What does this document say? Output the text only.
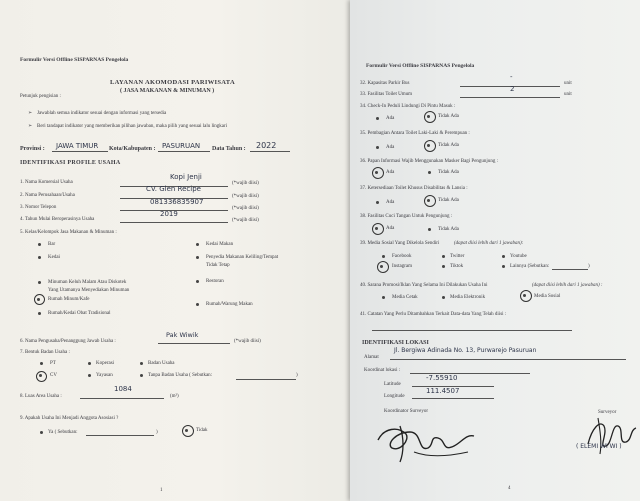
Formulir Versi Offline SISPARNAS Pengelola
LAYANAN AKOMODASI PARIWISATA
( JASA MAKANAN & MINUMAN )
Petunjuk pengisian :
➢ Jawablah semua indikator sesuai dengan informasi yang tersedia
➢ Beri tandapat indikator yang memberikan pilihan jawaban, maka pilih yang sesuai lalu lingkari
Provinsi : JAWA TIMUR Kota/Kabupaten : PASURUAN Data Tahun : 2022
IDENTIFIKASI PROFILE USAHA
1. Nama Komersial Usaha
Kopi Jenji
(*wajib diisi)
2. Nama Perusahaan/Usaha
CV. Glen Recipe
(*wajib diisi)
3. Nomor Telepon
081336835907
(*wajib diisi)
4. Tahun Mulai Beroperasinya Usaha
2019
(*wajib diisi)
5. Kelas/Kelompok Jasa Makanan & Minuman :
Bar
Kedai
Minuman Keluh Malam Atau Diskotek
Yang Utamanya Menyediakan Minuman
Rumah Minum/Kafe
Rumah/Kedai Obat Tradisional
Kedai Makan
Penyedia Makanan Keliling/Tempat
Tidak Tetap
Restoran
Rumah/Warung Makan
6. Nama Pengusaha/Penanggung Jawab Usaha :
Pak Wiwik
(*wajib diisi)
7. Bentuk Badan Usaha :
PT	Koperasi	Badan Usaha
CV	Yayasan	Tanpa Badan Usaha ( Sebutkan:	)
8. Luas Area Usaha :
1084
(m²)
9. Apakah Usaha Ini Menjadi Anggota Asosiasi ?
Ya ( Sebutkan:	)	Tidak
1
Formulir Versi Offline SISPARNAS Pengelola
32. Kapasitas Parkir Bus
-
unit
33. Fasilitas Toilet Umum
2
unit
34. Check-In Peduli Lindungi Di Pintu Masuk :
Ada	Tidak Ada
35. Pembagian Antara Toilet Laki-Laki & Perempuan :
Ada	Tidak Ada
36. Papan Informasi Wajib Menggunakan Masker Bagi Pengunjung :
Ada	Tidak Ada
37. Ketersediaan Toilet Khusus Disabilitas & Lansia :
Ada	Tidak Ada
38. Fasilitas Cuci Tangan Untuk Pengunjung :
Ada	Tidak Ada
39. Media Sosial Yang Dikelola Sendiri	(dapat diisi lebih dari 1 jawaban):
Facebook	Twitter	Youtube
Instagram	Tiktok	Lainnya (Sebutkan:	)
40. Sarana Promosi/Iklan Yang Selama Ini Dilakukan Usaha Ini	(dapat diisi lebih dari 1 jawaban) :
Media Cetak	Media Elektronik	Media Sosial
41. Catatan Yang Perlu Ditambahkan Terkait Data-data Yang Telah diisi :
IDENTIFIKASI LOKASI
Alamat
Jl. Bergiwa Adinada No. 13, Purwarejo Pasuruan
Koordinat lokasi :
Latitude
-7.55910
Longitude
111.4507
Koordinator Surveyor	Surveyor
( ELEMI WI WI )
4
